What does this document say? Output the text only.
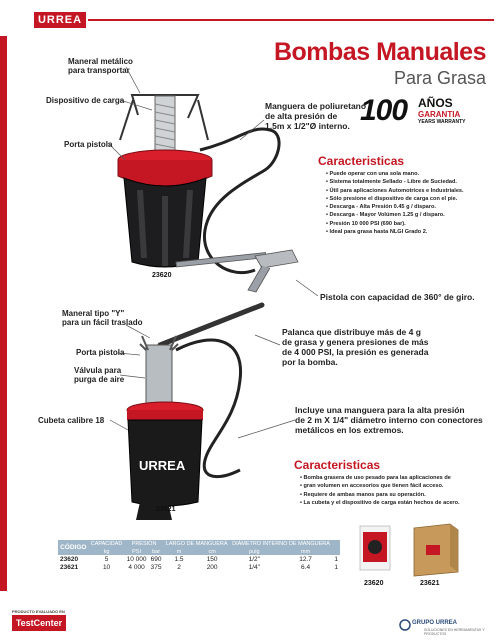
URREA
Bombas Manuales
Para Grasa
100 AÑOS
GARANTIA
YEARS WARRANTY
URREA
Maneral metálico
para transportar
Dispositivo de carga
Porta pistola
Manguera de poliuretano
de alta presión de
1.5m x 1/2"Ø interno.
23620
Pistola con capacidad de 360° de giro.
Caracteristicas
• Puede operar con una sola mano.
• Sistema totalmente Sellado - Libre de Suciedad.
• Útil para aplicaciones Automotrices e Industriales.
• Sólo presione el dispositivo de carga con el pie.
• Descarga - Alta Presión 0.45 g / disparo.
• Descarga - Mayor Volúmen 1.25 g / disparo.
• Presión 10 000 PSI (690 bar).
• Ideal para grasa hasta NLGI Grado 2.
Maneral tipo "Y"
para un fácil traslado
Porta pistola
Válvula para
purga de aire
Cubeta calibre 18
Palanca que distribuye más de 4 g
de grasa y genera presiones de más
de 4 000 PSI, la presión es generada
por la bomba.
Incluye una manguera para la alta presión
de 2 m X 1/4" diámetro interno con conectores
metálicos en los extremos.
23621
Caracteristicas
• Bomba grasera de uso pesado para las aplicaciones de
• gran volumen en accesorios que tienen fácil acceso.
• Requiere de ambas manos para su operación.
• La cubeta y el dispositivo de carga están hechos de acero.
CÓDIGO	CAPACIDAD	PRESIÓN		LARGO DE MANGUERA		DIÁMETRO INTERNO DE MANGUERA		
	kg	PSI	bar	m	cm	pulg	mm	
23620	5	10 000	690	1.5	150	1/2"	12.7	1
23621	10	4 000	375	2	200	1/4"	6.4	1
23620	23621
PRODUCTO EVALUADO EN
TestCenter	GRUPO URREA
SOLUCIONES EN HERRAMIENTAS Y PRODUCTOS
